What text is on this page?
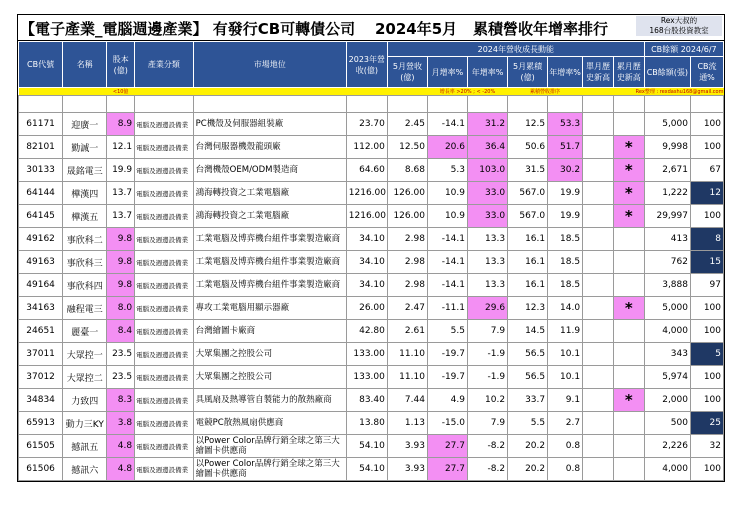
【電子產業_電腦週邊產業】 有發行CB可轉債公司 2024年5月 累積營收年增率排行	Rex大叔的
168台股投資教室
CB代號	名稱	股本(億)	產業分類	市場地位	2023年營收(億)	2024年營收成長動能							CB餘額 2024/6/7	
						5月營收(億)	月增率%	年增率%	5月累積(億)	年增率%	單月歷史新高	累月歷史新高	CB餘額(張)	CB流通%
		<10億					增長率 >20% ; < -20%		累積營收排序		Rex整理 : rexdashu168@gmail.com			

61171	迎廣一	8.9	電腦及週邊設備業	PC機殼及伺服器組裝廠	23.70	2.45	-14.1	31.2	12.5	53.3			5,000	100
82101	勤誠一	12.1	電腦及週邊設備業	台灣伺服器機殼龍頭廠	112.00	12.50	20.6	36.4	50.6	51.7		*	9,998	100
30133	晟銘電三	19.9	電腦及週邊設備業	台灣機殼OEM/ODM製造商	64.60	8.68	5.3	103.0	31.5	30.2		*	2,671	67
64144	樺漢四	13.7	電腦及週邊設備業	鴻海轉投資之工業電腦廠	1216.00	126.00	10.9	33.0	567.0	19.9		*	1,222	12
64145	樺漢五	13.7	電腦及週邊設備業	鴻海轉投資之工業電腦廠	1216.00	126.00	10.9	33.0	567.0	19.9		*	29,997	100
49162	事欣科二	9.8	電腦及週邊設備業	工業電腦及博弈機台組件事業製造廠商	34.10	2.98	-14.1	13.3	16.1	18.5			413	8
49163	事欣科三	9.8	電腦及週邊設備業	工業電腦及博弈機台組件事業製造廠商	34.10	2.98	-14.1	13.3	16.1	18.5			762	15
49164	事欣科四	9.8	電腦及週邊設備業	工業電腦及博弈機台組件事業製造廠商	34.10	2.98	-14.1	13.3	16.1	18.5			3,888	97
34163	融程電三	8.0	電腦及週邊設備業	專攻工業電腦用顯示器廠	26.00	2.47	-11.1	29.6	12.3	14.0		*	5,000	100
24651	麗臺一	8.4	電腦及週邊設備業	台灣繪圖卡廠商	42.80	2.61	5.5	7.9	14.5	11.9			4,000	100
37011	大眾控一	23.5	電腦及週邊設備業	大眾集團之控股公司	133.00	11.10	-19.7	-1.9	56.5	10.1			343	5
37012	大眾控二	23.5	電腦及週邊設備業	大眾集團之控股公司	133.00	11.10	-19.7	-1.9	56.5	10.1			5,974	100
34834	力致四	8.3	電腦及週邊設備業	具風扇及熱導管自製能力的散熱廠商	83.40	7.44	4.9	10.2	33.7	9.1		*	2,000	100
65913	動力三KY	3.8	電腦及週邊設備業	電競PC散熱風扇供應商	13.80	1.13	-15.0	7.9	5.5	2.7			500	25
61505	撼訊五	4.8	電腦及週邊設備業	以Power Color品牌行銷全球之第三大繪圖卡供應商	54.10	3.93	27.7	-8.2	20.2	0.8			2,226	32
61506	撼訊六	4.8	電腦及週邊設備業	以Power Color品牌行銷全球之第三大繪圖卡供應商	54.10	3.93	27.7	-8.2	20.2	0.8			4,000	100
